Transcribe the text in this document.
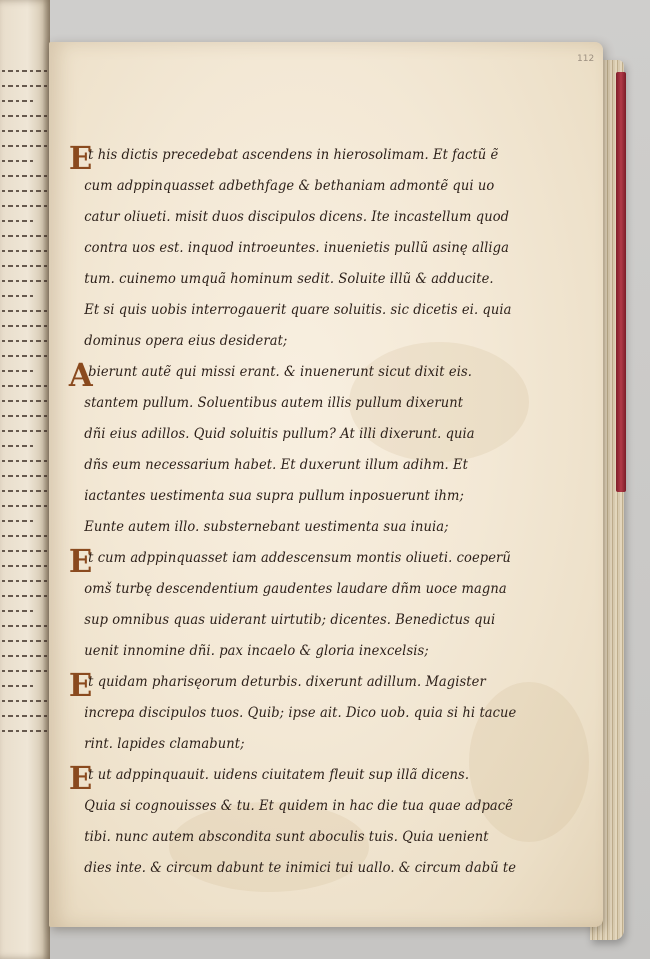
112
E
t his dictis precedebat ascendens in hierosolimam. Et factũ ẽ
cum adppinquasset adbethfage & bethaniam admontẽ qui uo
catur oliueti. misit duos discipulos dicens. Ite incastellum quod
contra uos est. inquod introeuntes. inuenietis pullũ asinę alliga
tum. cuinemo umquã hominum sedit. Soluite illũ & adducite.
Et si quis uobis interrogauerit quare soluitis. sic dicetis ei. quia
dominus opera eius desiderat;
A
bierunt autẽ qui missi erant. & inuenerunt sicut dixit eis.
stantem pullum. Soluentibus autem illis pullum dixerunt
dñi eius adillos. Quid soluitis pullum? At illi dixerunt. quia
dñs eum necessarium habet. Et duxerunt illum adihm. Et
iactantes uestimenta sua supra pullum inposuerunt ihm;
Eunte autem illo. substernebant uestimenta sua inuia;
E
t cum adppinquasset iam addescensum montis oliueti. coeperũ
omš turbę descendentium gaudentes laudare dñm uoce magna
sup omnibus quas uiderant uirtutib; dicentes. Benedictus qui
uenit innomine dñi. pax incaelo & gloria inexcelsis;
E
t quidam pharisęorum deturbis. dixerunt adillum. Magister
increpa discipulos tuos. Quib; ipse ait. Dico uob. quia si hi tacue
rint. lapides clamabunt;
E
t ut adppinquauit. uidens ciuitatem fleuit sup illã dicens.
Quia si cognouisses & tu. Et quidem in hac die tua quae adpacẽ
tibi. nunc autem abscondita sunt aboculis tuis. Quia uenient
dies inte. & circum dabunt te inimici tui uallo. & circum dabũ te
